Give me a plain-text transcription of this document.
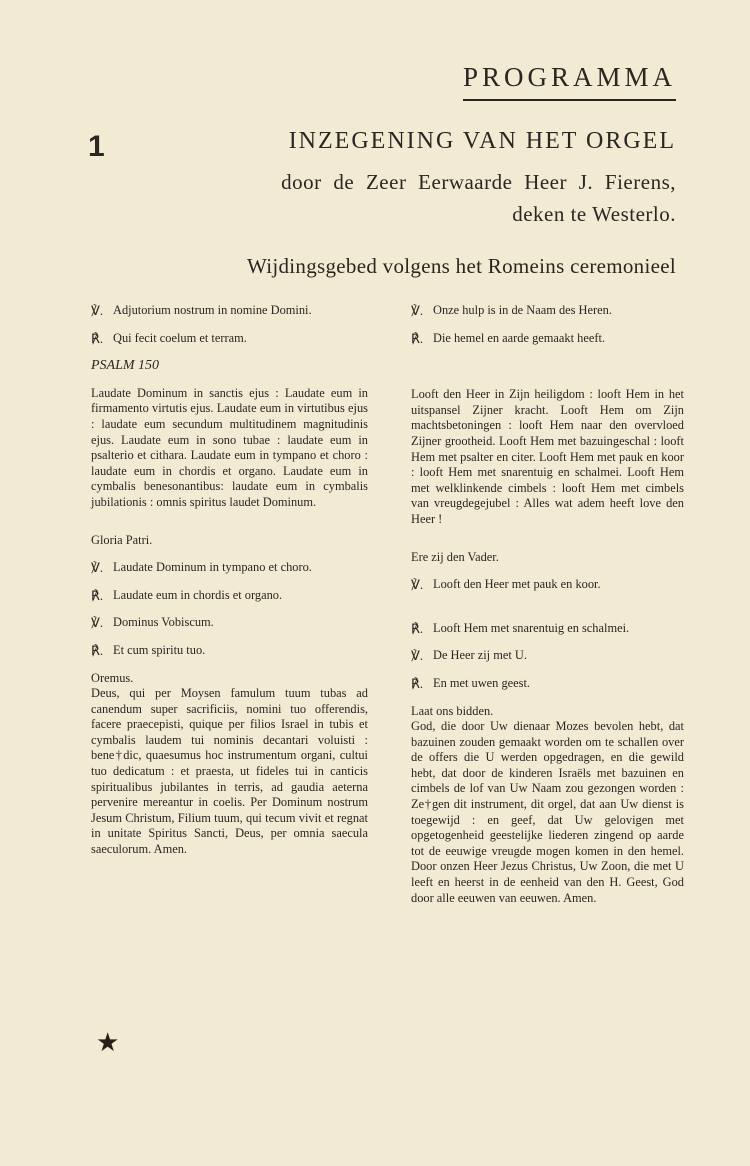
PROGRAMMA
1	INZEGENING VAN HET ORGEL
door de Zeer Eerwaarde Heer J. Fierens,
deken te Westerlo.
Wijdingsgebed volgens het Romeins ceremonieel
℣. Adjutorium nostrum in nomine Domini.
℟. Qui fecit coelum et terram.

PSALM 150

Laudate Dominum in sanctis ejus : Laudate eum in firmamento virtutis ejus. Laudate eum in virtutibus ejus : laudate eum secundum multitudinem magnitudinis ejus. Laudate eum in sono tubae : laudate eum in psalterio et cithara. Laudate eum in tympano et choro : laudate eum in chordis et organo. Laudate eum in cymbalis benesonantibus: laudate eum in cymbalis jubilationis : omnis spiritus laudet Dominum.

Gloria Patri.

℣. Laudate Dominum in tympano et choro.
℟. Laudate eum in chordis et organo.
℣. Dominus Vobiscum.
℟. Et cum spiritu tuo.

Oremus.

Deus, qui per Moysen famulum tuum tubas ad canendum super sacrificiis, nomini tuo offerendis, facere praecepisti, quique per filios Israel in tubis et cymbalis laudem tui nominis decantari voluisti : bene†dic, quaesumus hoc instrumentum organi, cultui tuo dedicatum : et praesta, ut fideles tui in canticis spiritualibus jubilantes in terris, ad gaudia aeterna pervenire mereantur in coelis. Per Dominum nostrum Jesum Christum, Filium tuum, qui tecum vivit et regnat in unitate Spiritus Sancti, Deus, per omnia saecula saeculorum. Amen.

℣. Onze hulp is in de Naam des Heren.
℟. Die hemel en aarde gemaakt heeft.

Looft den Heer in Zijn heiligdom : looft Hem in het uitspansel Zijner kracht. Looft Hem om Zijn machtsbetoningen : looft Hem naar den overvloed Zijner grootheid. Looft Hem met bazuingeschal : looft Hem met psalter en citer. Looft Hem met pauk en koor : looft Hem met snarentuig en schalmei. Looft Hem met welklinkende cimbels : looft Hem met cimbels van vreugdegejubel : Alles wat adem heeft love den Heer !

Ere zij den Vader.

℣. Looft den Heer met pauk en koor.
℟. Looft Hem met snarentuig en schalmei.
℣. De Heer zij met U.
℟. En met uwen geest.

Laat ons bidden.

God, die door Uw dienaar Mozes bevolen hebt, dat bazuinen zouden gemaakt worden om te schallen over de offers die U werden opgedragen, en die gewild hebt, dat door de kinderen Israëls met bazuinen en cimbels de lof van Uw Naam zou gezongen worden : Ze†gen dit instrument, dit orgel, dat aan Uw dienst is toegewijd : en geef, dat Uw gelovigen met opgetogenheid geestelijke liederen zingend op aarde tot de eeuwige vreugde mogen komen in den hemel. Door onzen Heer Jezus Christus, Uw Zoon, die met U leeft en heerst in de eenheid van den H. Geest, God door alle eeuwen van eeuwen. Amen.

★
